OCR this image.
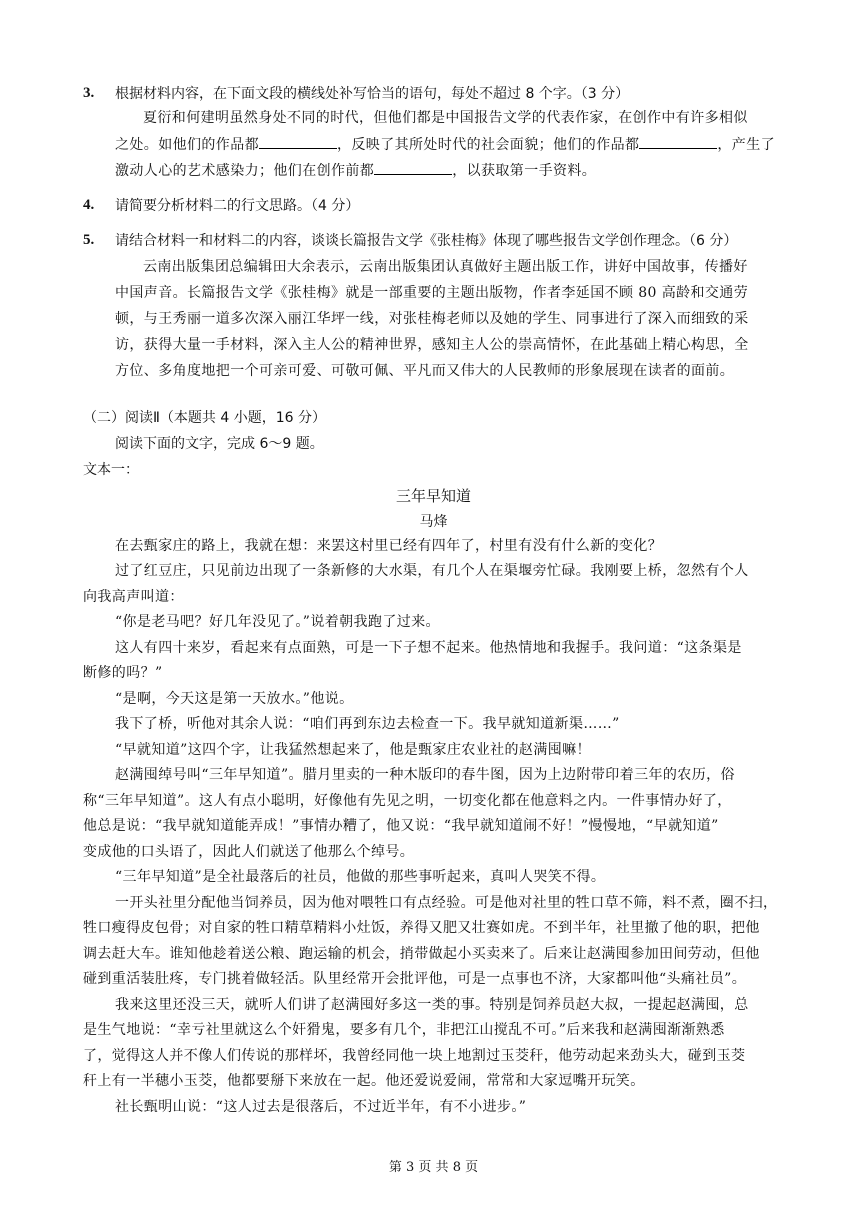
3. 根据材料内容，在下面文段的横线处补写恰当的语句，每处不超过 8 个字。（3 分）
夏衍和何建明虽然身处不同的时代，但他们都是中国报告文学的代表作家，在创作中有许多相似
之处。如他们的作品都	，反映了其所处时代的社会面貌；他们的作品都	，产生了
激动人心的艺术感染力；他们在创作前都	，以获取第一手资料。
4. 请简要分析材料二的行文思路。（4 分）
5. 请结合材料一和材料二的内容，谈谈长篇报告文学《张桂梅》体现了哪些报告文学创作理念。（6 分）
云南出版集团总编辑田大余表示，云南出版集团认真做好主题出版工作，讲好中国故事，传播好
中国声音。长篇报告文学《张桂梅》就是一部重要的主题出版物，作者李延国不顾 80 高龄和交通劳
顿，与王秀丽一道多次深入丽江华坪一线，对张桂梅老师以及她的学生、同事进行了深入而细致的采
访，获得大量一手材料，深入主人公的精神世界，感知主人公的崇高情怀，在此基础上精心构思，全
方位、多角度地把一个可亲可爱、可敬可佩、平凡而又伟大的人民教师的形象展现在读者的面前。
（二）阅读Ⅱ（本题共 4 小题，16 分）
阅读下面的文字，完成 6～9 题。
文本一：
三年早知道
马烽
在去甄家庄的路上，我就在想：来罢这村里已经有四年了，村里有没有什么新的变化？
过了红豆庄，只见前边出现了一条新修的大水渠，有几个人在渠堰旁忙碌。我刚要上桥，忽然有个人
向我高声叫道：
“你是老马吧？好几年没见了。”说着朝我跑了过来。
这人有四十来岁，看起来有点面熟，可是一下子想不起来。他热情地和我握手。我问道：“这条渠是
断修的吗？”
“是啊，今天这是第一天放水。”他说。
我下了桥，听他对其余人说：“咱们再到东边去检查一下。我早就知道新渠……”
“早就知道”这四个字，让我猛然想起来了，他是甄家庄农业社的赵满囤嘛！
赵满囤绰号叫“三年早知道”。腊月里卖的一种木版印的春牛图，因为上边附带印着三年的农历，俗
称“三年早知道”。这人有点小聪明，好像他有先见之明，一切变化都在他意料之内。一件事情办好了，
他总是说：“我早就知道能弄成！”事情办糟了，他又说：“我早就知道闹不好！”慢慢地，“早就知道”
变成他的口头语了，因此人们就送了他那么个绰号。
“三年早知道”是全社最落后的社员，他做的那些事听起来，真叫人哭笑不得。
一开头社里分配他当饲养员，因为他对喂牲口有点经验。可是他对社里的牲口草不筛，料不煮，圈不扫，
牲口瘦得皮包骨；对自家的牲口精草精料小灶饭，养得又肥又壮赛如虎。不到半年，社里撤了他的职，把他
调去赶大车。谁知他趁着送公粮、跑运输的机会，捎带做起小买卖来了。后来让赵满囤参加田间劳动，但他
碰到重活装肚疼，专门挑着做轻活。队里经常开会批评他，可是一点事也不济，大家都叫他“头痛社员”。
我来这里还没三天，就听人们讲了赵满囤好多这一类的事。特别是饲养员赵大叔，一提起赵满囤，总
是生气地说：“幸亏社里就这么个奸猾鬼，要多有几个，非把江山搅乱不可。”后来我和赵满囤渐渐熟悉
了，觉得这人并不像人们传说的那样坏，我曾经同他一块上地割过玉茭秆，他劳动起来劲头大，碰到玉茭
秆上有一半穗小玉茭，他都要掰下来放在一起。他还爱说爱闹，常常和大家逗嘴开玩笑。
社长甄明山说：“这人过去是很落后，不过近半年，有不小进步。”
第 3 页 共 8 页
